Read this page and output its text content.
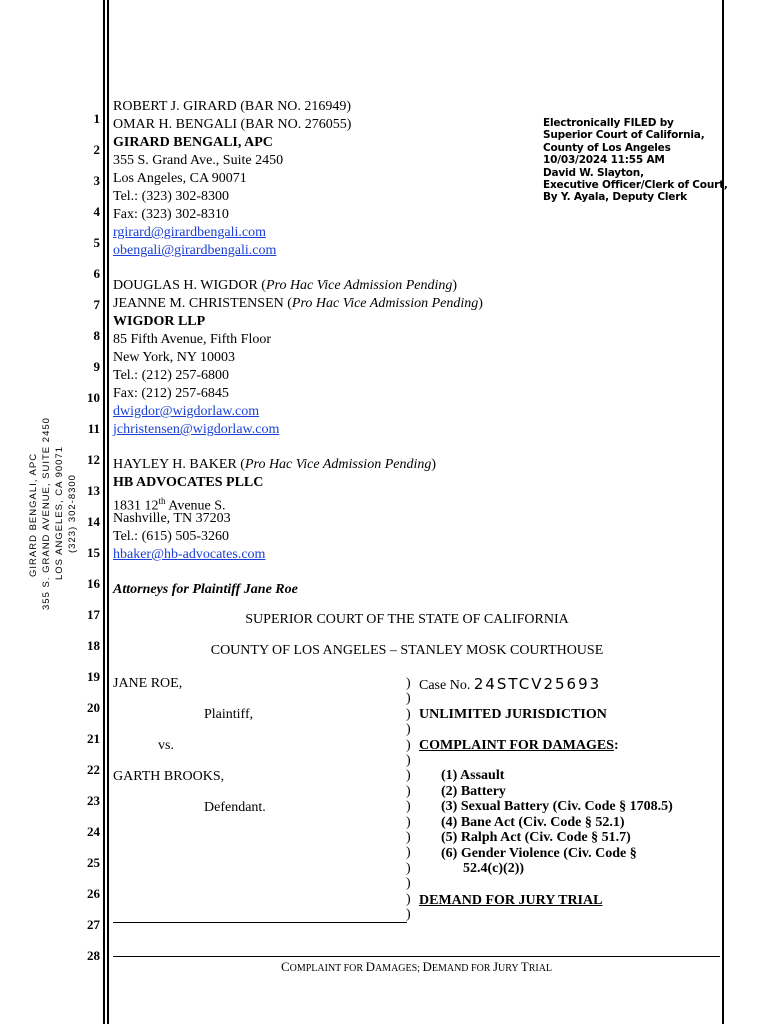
GIRARD BENGALI, APC 355 S. GRAND AVENUE, SUITE 2450 LOS ANGELES, CA 90071 (323) 302-8300
1
2
3
4
5
6
7
8
9
10
11
12
13
14
15
16
17
18
19
20
21
22
23
24
25
26
27
28
Electronically FILED by
Superior Court of California,
County of Los Angeles
10/03/2024 11:55 AM
David W. Slayton,
Executive Officer/Clerk of Court,
By Y. Ayala, Deputy Clerk
ROBERT J. GIRARD (BAR NO. 216949)
OMAR H. BENGALI (BAR NO. 276055)
GIRARD BENGALI, APC
355 S. Grand Ave., Suite 2450
Los Angeles, CA 90071
Tel.: (323) 302-8300
Fax: (323) 302-8310
rgirard@girardbengali.com
obengali@girardbengali.com
DOUGLAS H. WIGDOR (Pro Hac Vice Admission Pending)
JEANNE M. CHRISTENSEN (Pro Hac Vice Admission Pending)
WIGDOR LLP
85 Fifth Avenue, Fifth Floor
New York, NY 10003
Tel.: (212) 257-6800
Fax: (212) 257-6845
dwigdor@wigdorlaw.com
jchristensen@wigdorlaw.com
HAYLEY H. BAKER (Pro Hac Vice Admission Pending)
HB ADVOCATES PLLC
1831 12th Avenue S.
Nashville, TN 37203
Tel.: (615) 505-3260
hbaker@hb-advocates.com
Attorneys for Plaintiff Jane Roe
SUPERIOR COURT OF THE STATE OF CALIFORNIA
COUNTY OF LOS ANGELES – STANLEY MOSK COURTHOUSE
JANE ROE,
Plaintiff,
vs.
GARTH BROOKS,
Defendant.
)
)
)
)
)
)
)
)
)
)
)
)
)
)
)
)
Case No. 24STCV25693
UNLIMITED JURISDICTION
COMPLAINT FOR DAMAGES:
(1) Assault
(2) Battery
(3) Sexual Battery (Civ. Code § 1708.5)
(4) Bane Act (Civ. Code § 52.1)
(5) Ralph Act (Civ. Code § 51.7)
(6) Gender Violence (Civ. Code §
52.4(c)(2))
DEMAND FOR JURY TRIAL
COMPLAINT FOR DAMAGES; DEMAND FOR JURY TRIAL
